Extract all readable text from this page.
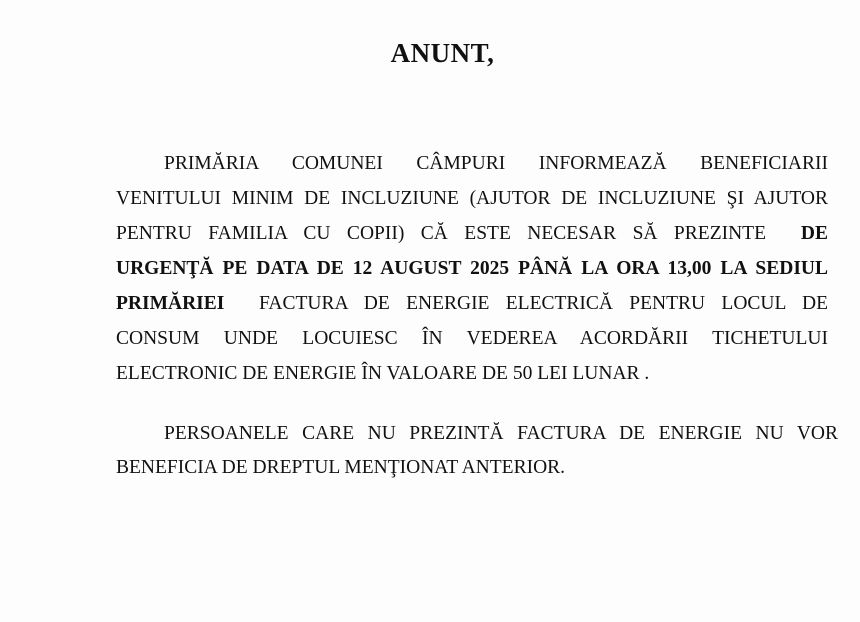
ANUNT,

PRIMĂRIA COMUNEI CÂMPURI INFORMEAZĂ BENEFICIARII

VENITULUI MINIM DE INCLUZIUNE (AJUTOR DE INCLUZIUNE ŞI AJUTOR

PENTRU FAMILIA CU COPII) CĂ ESTE NECESAR SĂ PREZINTE DE

URGENŢĂ PE DATA DE 12 AUGUST 2025 PÂNĂ LA ORA 13,00 LA SEDIUL

PRIMĂRIEI FACTURA DE ENERGIE ELECTRICĂ PENTRU LOCUL DE

CONSUM UNDE LOCUIESC ÎN VEDEREA ACORDĂRII TICHETULUI

ELECTRONIC DE ENERGIE ÎN VALOARE DE 50 LEI LUNAR .

PERSOANELE CARE NU PREZINTĂ FACTURA DE ENERGIE NU VOR

BENEFICIA DE DREPTUL MENŢIONAT ANTERIOR.
